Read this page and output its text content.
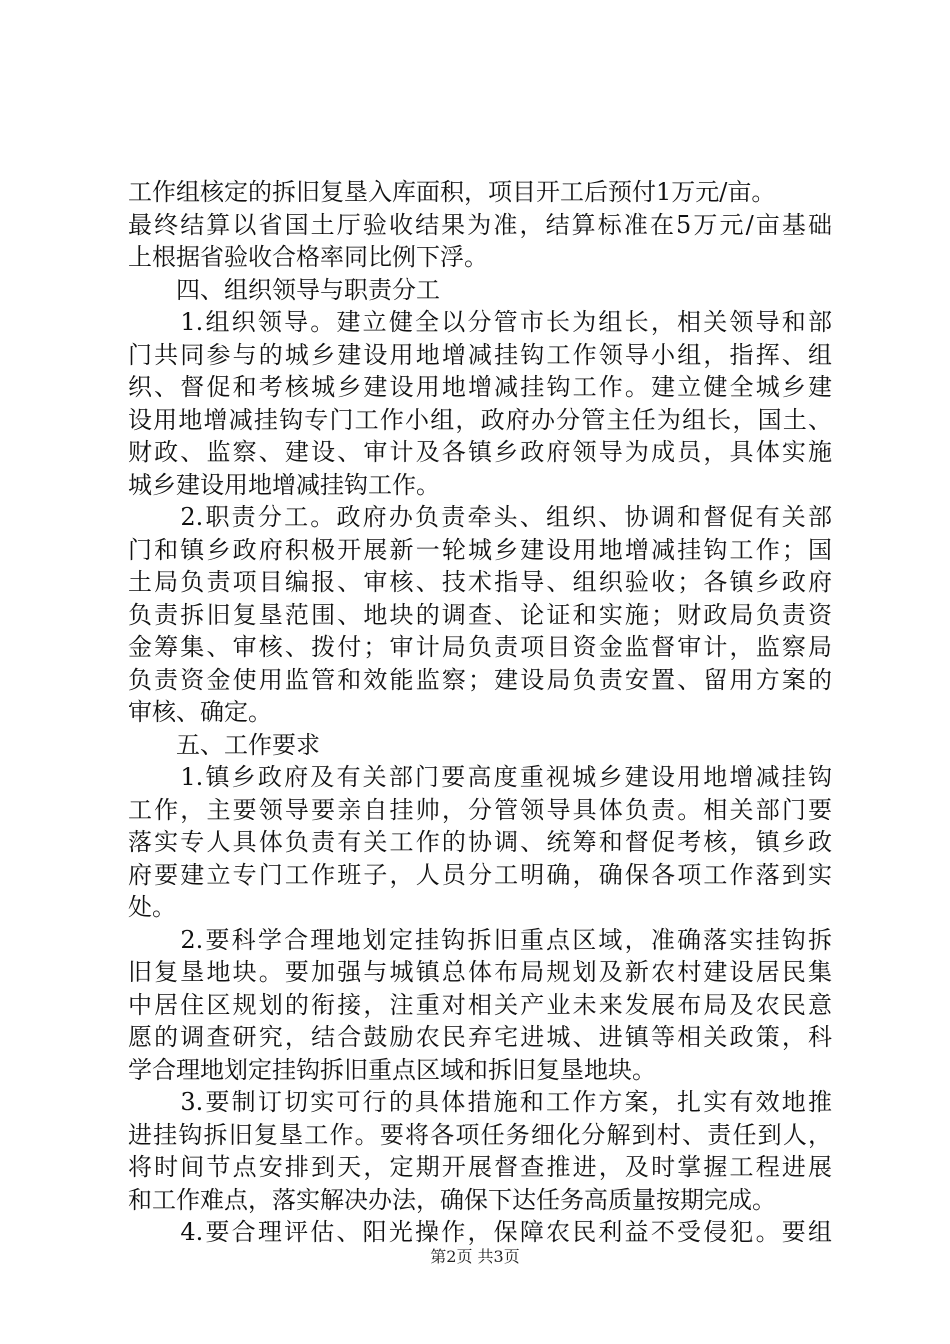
工作组核定的拆旧复垦入库面积，项目开工后预付1万元/亩。
最终结算以省国土厅验收结果为准，结算标准在5万元/亩基础
上根据省验收合格率同比例下浮。
　　四、组织领导与职责分工
　　1.组织领导。建立健全以分管市长为组长，相关领导和部
门共同参与的城乡建设用地增减挂钩工作领导小组，指挥、组
织、督促和考核城乡建设用地增减挂钩工作。建立健全城乡建
设用地增减挂钩专门工作小组，政府办分管主任为组长，国土、
财政、监察、建设、审计及各镇乡政府领导为成员，具体实施
城乡建设用地增减挂钩工作。
　　2.职责分工。政府办负责牵头、组织、协调和督促有关部
门和镇乡政府积极开展新一轮城乡建设用地增减挂钩工作；国
土局负责项目编报、审核、技术指导、组织验收；各镇乡政府
负责拆旧复垦范围、地块的调查、论证和实施；财政局负责资
金筹集、审核、拨付；审计局负责项目资金监督审计，监察局
负责资金使用监管和效能监察；建设局负责安置、留用方案的
审核、确定。
　　五、工作要求
　　1.镇乡政府及有关部门要高度重视城乡建设用地增减挂钩
工作，主要领导要亲自挂帅，分管领导具体负责。相关部门要
落实专人具体负责有关工作的协调、统筹和督促考核，镇乡政
府要建立专门工作班子，人员分工明确，确保各项工作落到实
处。
　　2.要科学合理地划定挂钩拆旧重点区域，准确落实挂钩拆
旧复垦地块。要加强与城镇总体布局规划及新农村建设居民集
中居住区规划的衔接，注重对相关产业未来发展布局及农民意
愿的调查研究，结合鼓励农民弃宅进城、进镇等相关政策，科
学合理地划定挂钩拆旧重点区域和拆旧复垦地块。
　　3.要制订切实可行的具体措施和工作方案，扎实有效地推
进挂钩拆旧复垦工作。要将各项任务细化分解到村、责任到人，
将时间节点安排到天，定期开展督查推进，及时掌握工程进展
和工作难点，落实解决办法，确保下达任务高质量按期完成。
　　4.要合理评估、阳光操作，保障农民利益不受侵犯。要组
第2页 共3页
